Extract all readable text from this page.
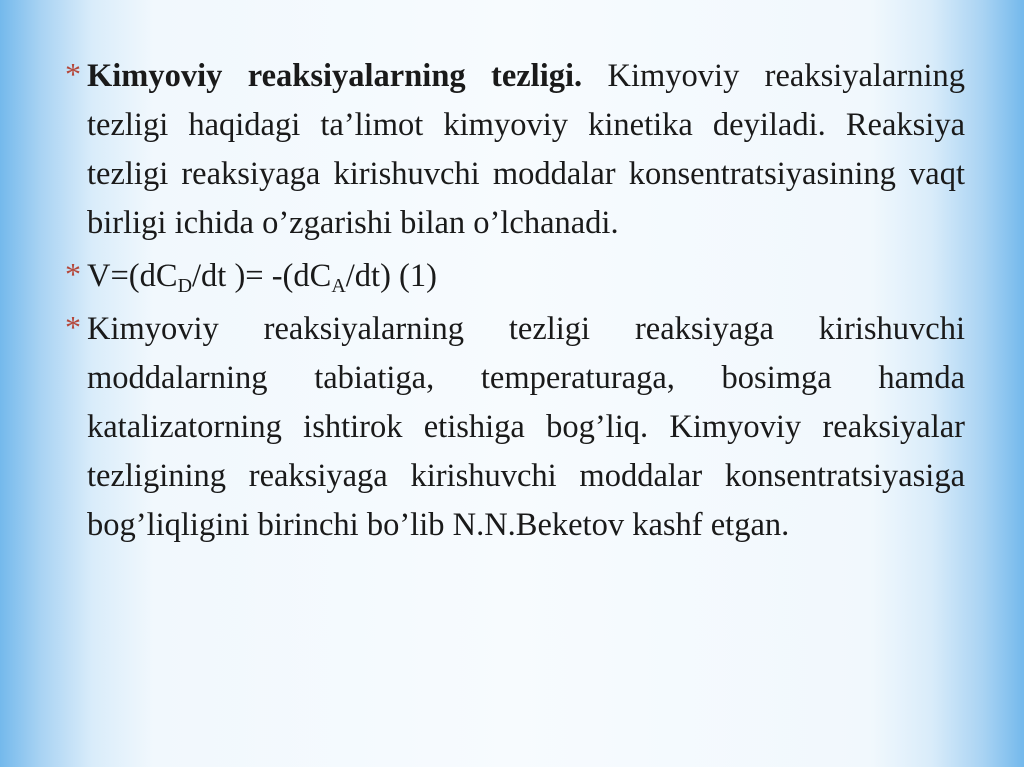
* Kimyoviy reaksiyalarning tezligi. Kimyoviy reaksiyalarning tezligi haqidagi ta’limot kimyoviy kinetika deyiladi. Reaksiya tezligi reaksiyaga kirishuvchi moddalar konsentratsiyasining vaqt birligi ichida o’zgarishi bilan o’lchanadi.

* $V=(dC_D/dt$ )= $-(dC_A/dt)$ (1)

* Kimyoviy reaksiyalarning tezligi reaksiyaga kirishuvchi moddalarning tabiatiga, temperaturaga, bosimga hamda katalizatorning ishtirok etishiga bog’liq. Kimyoviy reaksiyalar tezligining reaksiyaga kirishuvchi moddalar konsentratsiyasiga bog’liqligini birinchi bo’lib N.N.Beketov kashf etgan.
